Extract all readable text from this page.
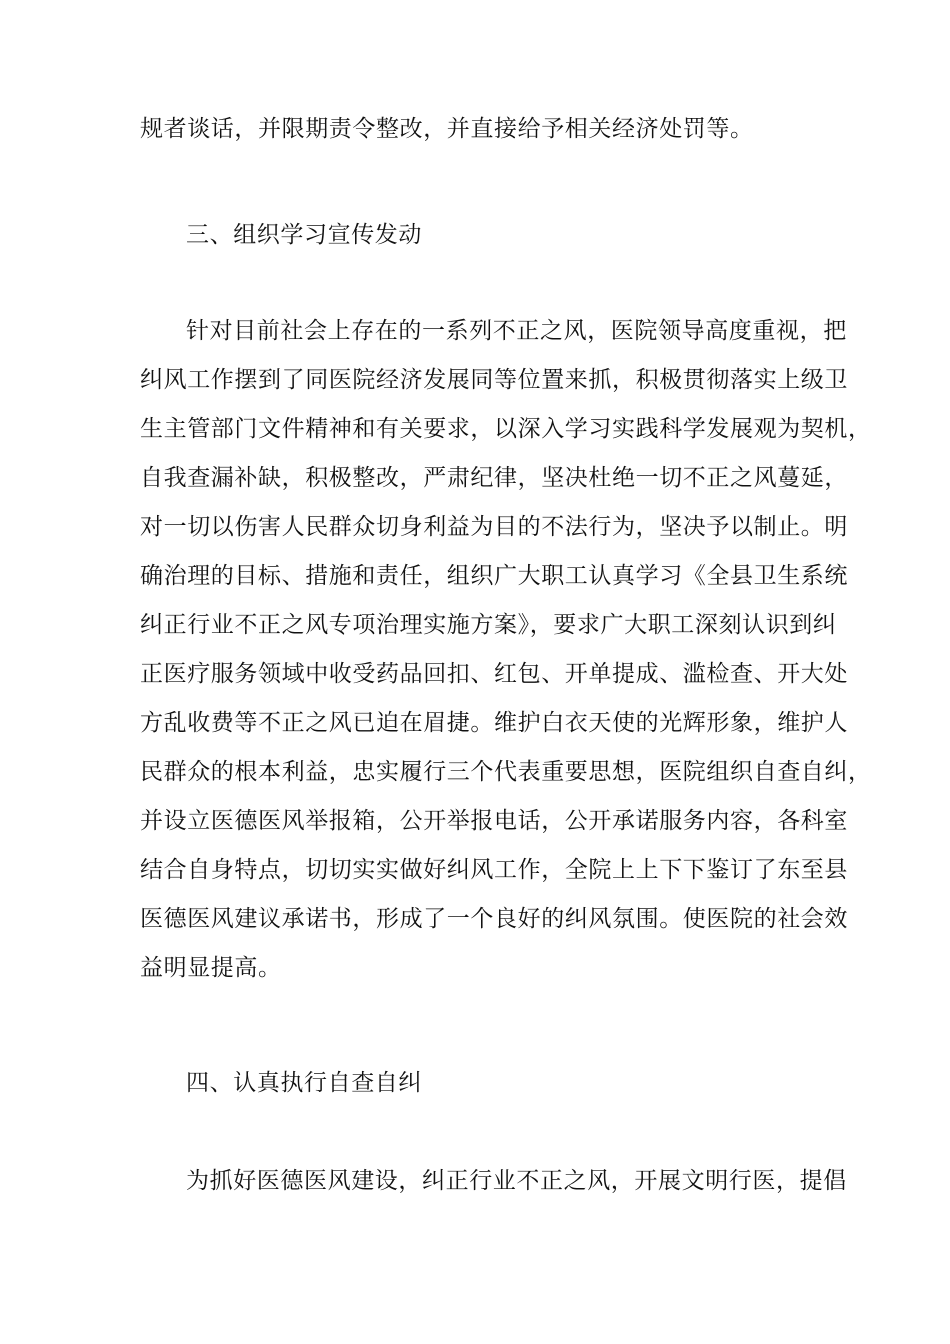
规者谈话，并限期责令整改，并直接给予相关经济处罚等。
三、组织学习宣传发动
针对目前社会上存在的一系列不正之风，医院领导高度重视，把
纠风工作摆到了同医院经济发展同等位置来抓，积极贯彻落实上级卫
生主管部门文件精神和有关要求，以深入学习实践科学发展观为契机，
自我查漏补缺，积极整改，严肃纪律，坚决杜绝一切不正之风蔓延，
对一切以伤害人民群众切身利益为目的不法行为，坚决予以制止。明
确治理的目标、措施和责任，组织广大职工认真学习《全县卫生系统
纠正行业不正之风专项治理实施方案》，要求广大职工深刻认识到纠
正医疗服务领域中收受药品回扣、红包、开单提成、滥检查、开大处
方乱收费等不正之风已迫在眉捷。维护白衣天使的光辉形象，维护人
民群众的根本利益，忠实履行三个代表重要思想，医院组织自查自纠，
并设立医德医风举报箱，公开举报电话，公开承诺服务内容，各科室
结合自身特点，切切实实做好纠风工作，全院上上下下鉴订了东至县
医德医风建议承诺书，形成了一个良好的纠风氛围。使医院的社会效
益明显提高。
四、认真执行自查自纠
为抓好医德医风建设，纠正行业不正之风，开展文明行医，提倡
